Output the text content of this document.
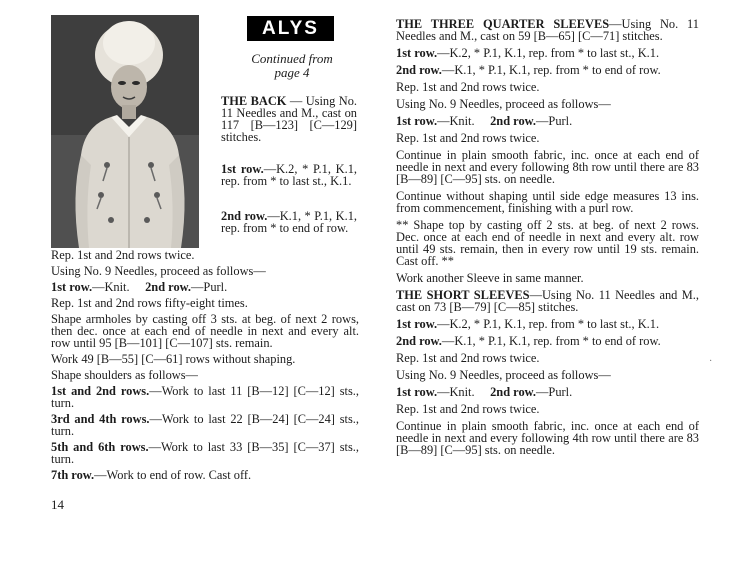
ALYS
Continued from
page 4

THE BACK — Using No. 11 Needles and M., cast on 117 [B—123] [C—129] stitches.

1st row.—K.2, * P.1, K.1, rep. from * to last st., K.1.

2nd row.—K.1, * P.1, K.1, rep. from * to end of row.

Rep. 1st and 2nd rows twice.

Using No. 9 Needles, proceed as follows—

1st row.—Knit. 2nd row.—Purl.

Rep. 1st and 2nd rows fifty-eight times.

Shape armholes by casting off 3 sts. at beg. of next 2 rows, then dec. once at each end of needle in next and every alt. row until 95 [B—101] [C—107] sts. remain.

Work 49 [B—55] [C—61] rows without shaping.

Shape shoulders as follows—

1st and 2nd rows.—Work to last 11 [B—12] [C—12] sts., turn.

3rd and 4th rows.—Work to last 22 [B—24] [C—24] sts., turn.

5th and 6th rows.—Work to last 33 [B—35] [C—37] sts., turn.

7th row.—Work to end of row. Cast off.

THE THREE QUARTER SLEEVES—Using No. 11 Needles and M., cast on 59 [B—65] [C—71] stitches.

1st row.—K.2, * P.1, K.1, rep. from * to last st., K.1.

2nd row.—K.1, * P.1, K.1, rep. from * to end of row.

Rep. 1st and 2nd rows twice.

Using No. 9 Needles, proceed as follows—

1st row.—Knit. 2nd row.—Purl.

Rep. 1st and 2nd rows twice.

Continue in plain smooth fabric, inc. once at each end of needle in next and every following 8th row until there are 83 [B—89] [C—95] sts. on needle.

Continue without shaping until side edge measures 13 ins. from commencement, finishing with a purl row.

** Shape top by casting off 2 sts. at beg. of next 2 rows. Dec. once at each end of needle in next and every alt. row until 49 sts. remain, then in every row until 19 sts. remain. Cast off. **

Work another Sleeve in same manner.

THE SHORT SLEEVES—Using No. 11 Needles and M., cast on 73 [B—79] [C—85] stitches.

1st row.—K.2, * P.1, K.1, rep. from * to last st., K.1.

2nd row.—K.1, * P.1, K.1, rep. from * to end of row.

Rep. 1st and 2nd rows twice.

Using No. 9 Needles, proceed as follows—

1st row.—Knit. 2nd row.—Purl.

Rep. 1st and 2nd rows twice.

Continue in plain smooth fabric, inc. once at each end of needle in next and every following 4th row until there are 83 [B—89] [C—95] sts. on needle.

14
·
